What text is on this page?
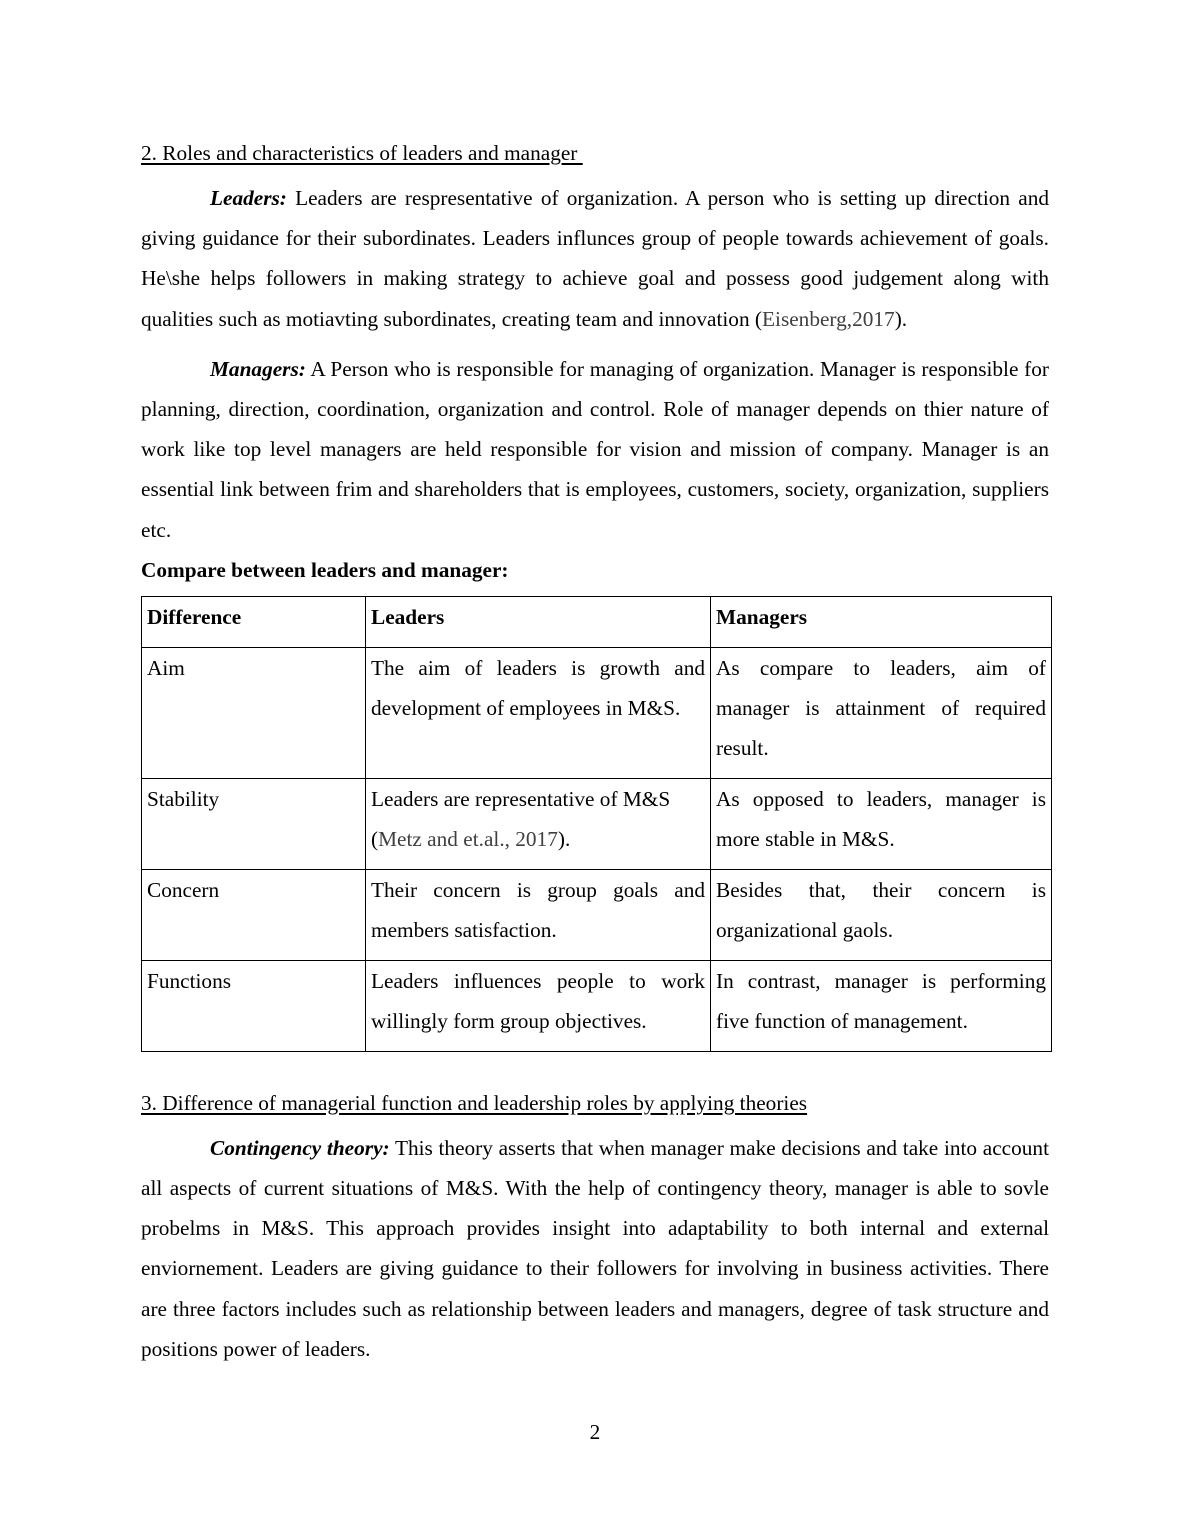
2. Roles and characteristics of leaders and manager

Leaders: Leaders are respresentative of organization. A person who is setting up direction and giving guidance for their subordinates. Leaders influnces group of people towards achievement of goals. He\she helps followers in making strategy to achieve goal and possess good judgement along with qualities such as motiavting subordinates, creating team and innovation (Eisenberg,2017).

Managers: A Person who is responsible for managing of organization. Manager is responsible for planning, direction, coordination, organization and control. Role of manager depends on thier nature of work like top level managers are held responsible for vision and mission of company. Manager is an essential link between frim and shareholders that is employees, customers, society, organization, suppliers etc.

Compare between leaders and manager:
Difference	Leaders	Managers
Aim	The aim of leaders is growth and development of employees in M&S.	As compare to leaders, aim of manager is attainment of required result.
Stability	Leaders are representative of M&S (Metz and et.al., 2017).	As opposed to leaders, manager is more stable in M&S.
Concern	Their concern is group goals and members satisfaction.	Besides that, their concern is organizational gaols.
Functions	Leaders influences people to work willingly form group objectives.	In contrast, manager is performing five function of management.
3. Difference of managerial function and leadership roles by applying theories

Contingency theory: This theory asserts that when manager make decisions and take into account all aspects of current situations of M&S. With the help of contingency theory, manager is able to sovle probelms in M&S. This approach provides insight into adaptability to both internal and external enviornement. Leaders are giving guidance to their followers for involving in business activities. There are three factors includes such as relationship between leaders and managers, degree of task structure and positions power of leaders.

2
